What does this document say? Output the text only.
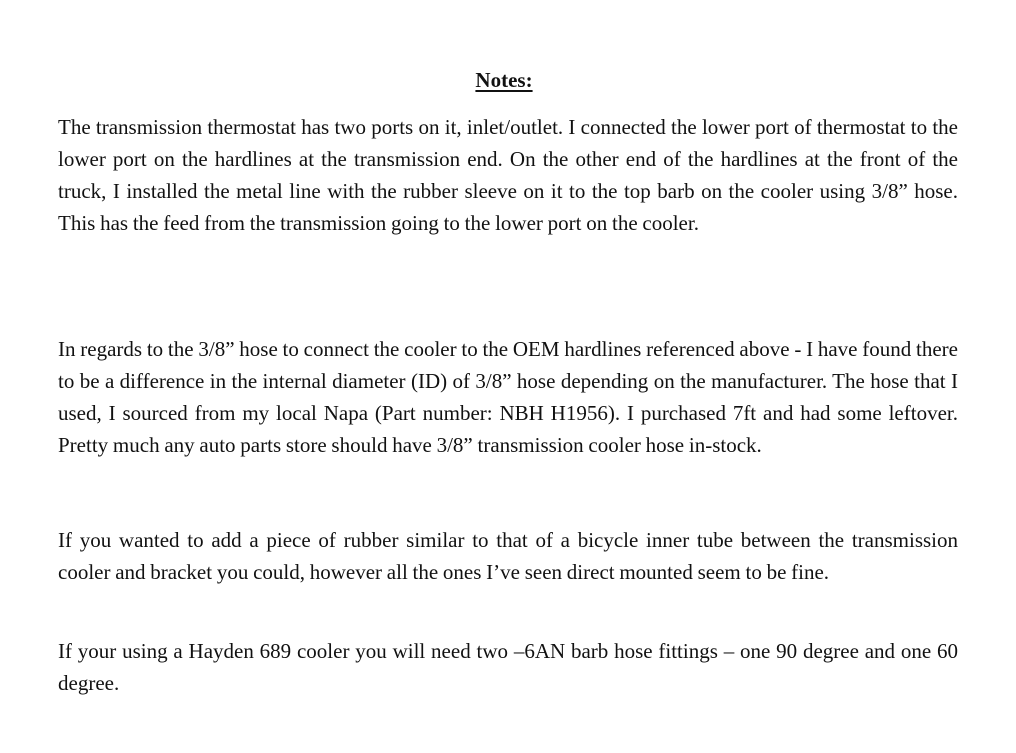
Notes:

The transmission thermostat has two ports on it, inlet/outlet. I connected the lower port of thermostat to the lower port on the hardlines at the transmission end. On the other end of the hardlines at the front of the truck, I installed the metal line with the rubber sleeve on it to the top barb on the cooler using 3/8” hose. This has the feed from the transmission going to the lower port on the cooler.

In regards to the 3/8” hose to connect the cooler to the OEM hardlines referenced above - I have found there to be a difference in the internal diameter (ID) of 3/8” hose depending on the manufacturer. The hose that I used, I sourced from my local Napa (Part number: NBH H1956). I purchased 7ft and had some leftover. Pretty much any auto parts store should have 3/8” transmission cooler hose in-stock.

If you wanted to add a piece of rubber similar to that of a bicycle inner tube between the transmission cooler and bracket you could, however all the ones I’ve seen direct mounted seem to be fine.

If your using a Hayden 689 cooler you will need two –6AN barb hose fittings – one 90 degree and one 60 degree.
